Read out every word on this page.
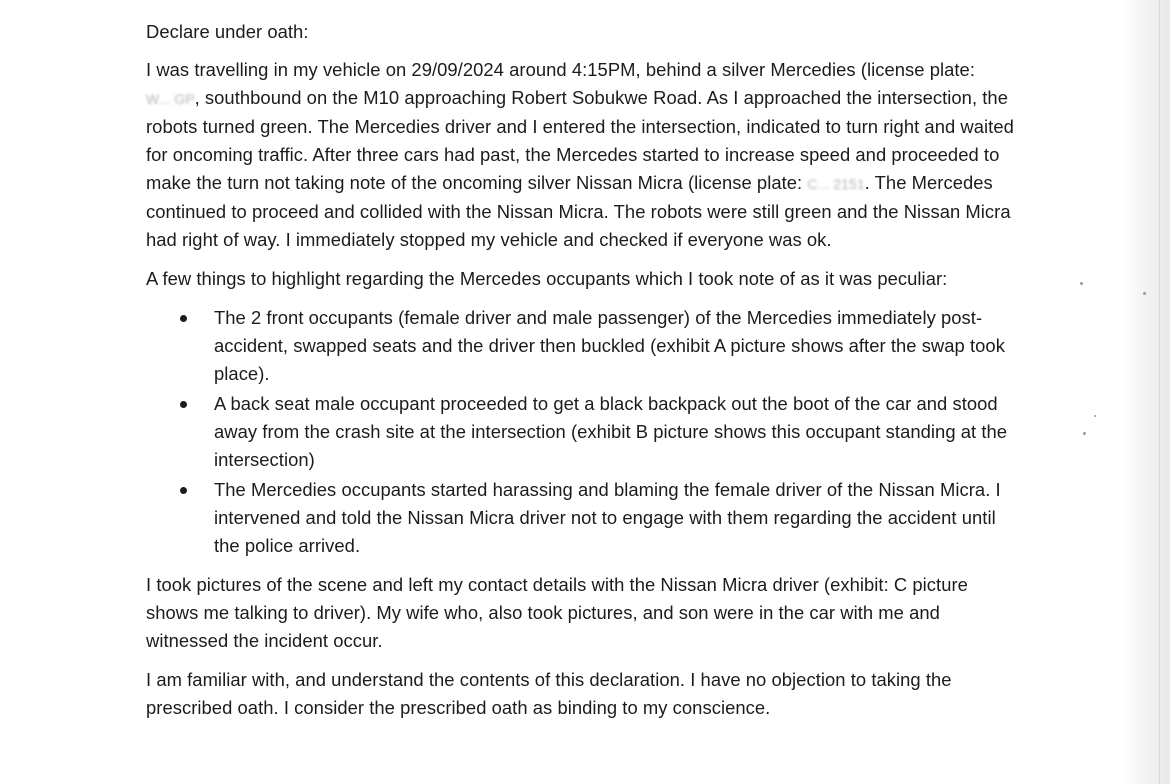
Declare under oath:

I was travelling in my vehicle on 29/09/2024 around 4:15PM, behind a silver Mercedies (license plate: W... GP, southbound on the M10 approaching Robert Sobukwe Road. As I approached the intersection, the robots turned green. The Mercedies driver and I entered the intersection, indicated to turn right and waited for oncoming traffic. After three cars had past, the Mercedes started to increase speed and proceeded to make the turn not taking note of the oncoming silver Nissan Micra (license plate: C... 2151. The Mercedes continued to proceed and collided with the Nissan Micra. The robots were still green and the Nissan Micra had right of way. I immediately stopped my vehicle and checked if everyone was ok.

A few things to highlight regarding the Mercedes occupants which I took note of as it was peculiar:

The 2 front occupants (female driver and male passenger) of the Mercedies immediately post-accident, swapped seats and the driver then buckled (exhibit A picture shows after the swap took place).
A back seat male occupant proceeded to get a black backpack out the boot of the car and stood away from the crash site at the intersection (exhibit B picture shows this occupant standing at the intersection)
The Mercedies occupants started harassing and blaming the female driver of the Nissan Micra. I intervened and told the Nissan Micra driver not to engage with them regarding the accident until the police arrived.

I took pictures of the scene and left my contact details with the Nissan Micra driver (exhibit: C picture shows me talking to driver). My wife who, also took pictures, and son were in the car with me and witnessed the incident occur.

I am familiar with, and understand the contents of this declaration. I have no objection to taking the prescribed oath. I consider the prescribed oath as binding to my conscience.
